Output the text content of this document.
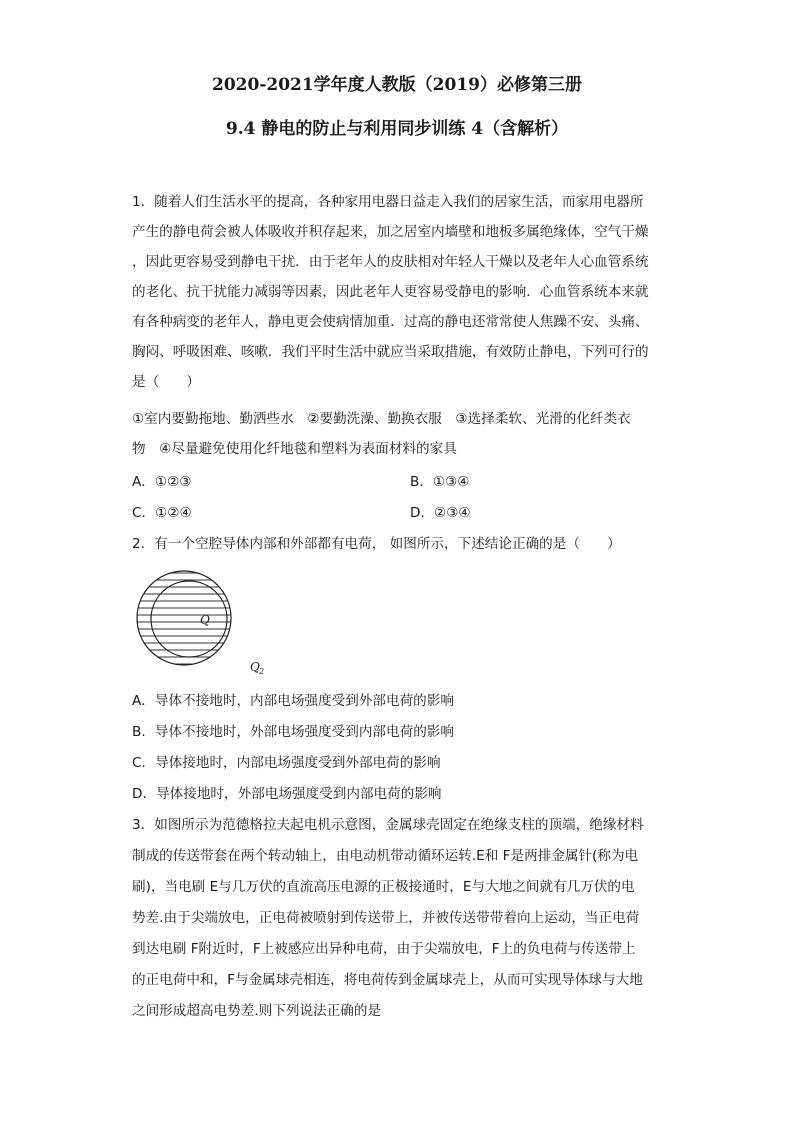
2020-2021学年度人教版（2019）必修第三册
9.4 静电的防止与利用同步训练 4（含解析）
1．随着人们生活水平的提高，各种家用电器日益走入我们的居家生活，而家用电器所
产生的静电荷会被人体吸收并积存起来，加之居室内墙壁和地板多属绝缘体，空气干燥
，因此更容易受到静电干扰．由于老年人的皮肤相对年轻人干燥以及老年人心血管系统
的老化、抗干扰能力减弱等因素，因此老年人更容易受静电的影响．心血管系统本来就
有各种病变的老年人，静电更会使病情加重．过高的静电还常常使人焦躁不安、头痛、
胸闷、呼吸困难、咳嗽．我们平时生活中就应当采取措施，有效防止静电，下列可行的
是（　　）
①室内要勤拖地、勤洒些水　②要勤洗澡、勤换衣服　③选择柔软、光滑的化纤类衣
物　④尽量避免使用化纤地毯和塑料为表面材料的家具
A．①②③	B．①③④
C．①②④	D．②③④
2．有一个空腔导体内部和外部都有电荷， 如图所示，下述结论正确的是（　　）
Q
Q 2
A．导体不接地时，内部电场强度受到外部电荷的影响
B．导体不接地时，外部电场强度受到内部电荷的影响
C．导体接地时，内部电场强度受到外部电荷的影响
D．导体接地时，外部电场强度受到内部电荷的影响
3．如图所示为范德格拉夫起电机示意图，金属球壳固定在绝缘支柱的顶端，绝缘材料
制成的传送带套在两个转动轴上，由电动机带动循环运转.E和 F是两排金属针(称为电
刷)，当电刷 E与几万伏的直流高压电源的正极接通时，E与大地之间就有几万伏的电
势差.由于尖端放电，正电荷被喷射到传送带上，并被传送带带着向上运动，当正电荷
到达电刷 F附近时，F上被感应出异种电荷，由于尖端放电，F上的负电荷与传送带上
的正电荷中和，F与金属球壳相连，将电荷传到金属球壳上，从而可实现导体球与大地
之间形成超高电势差.则下列说法正确的是
